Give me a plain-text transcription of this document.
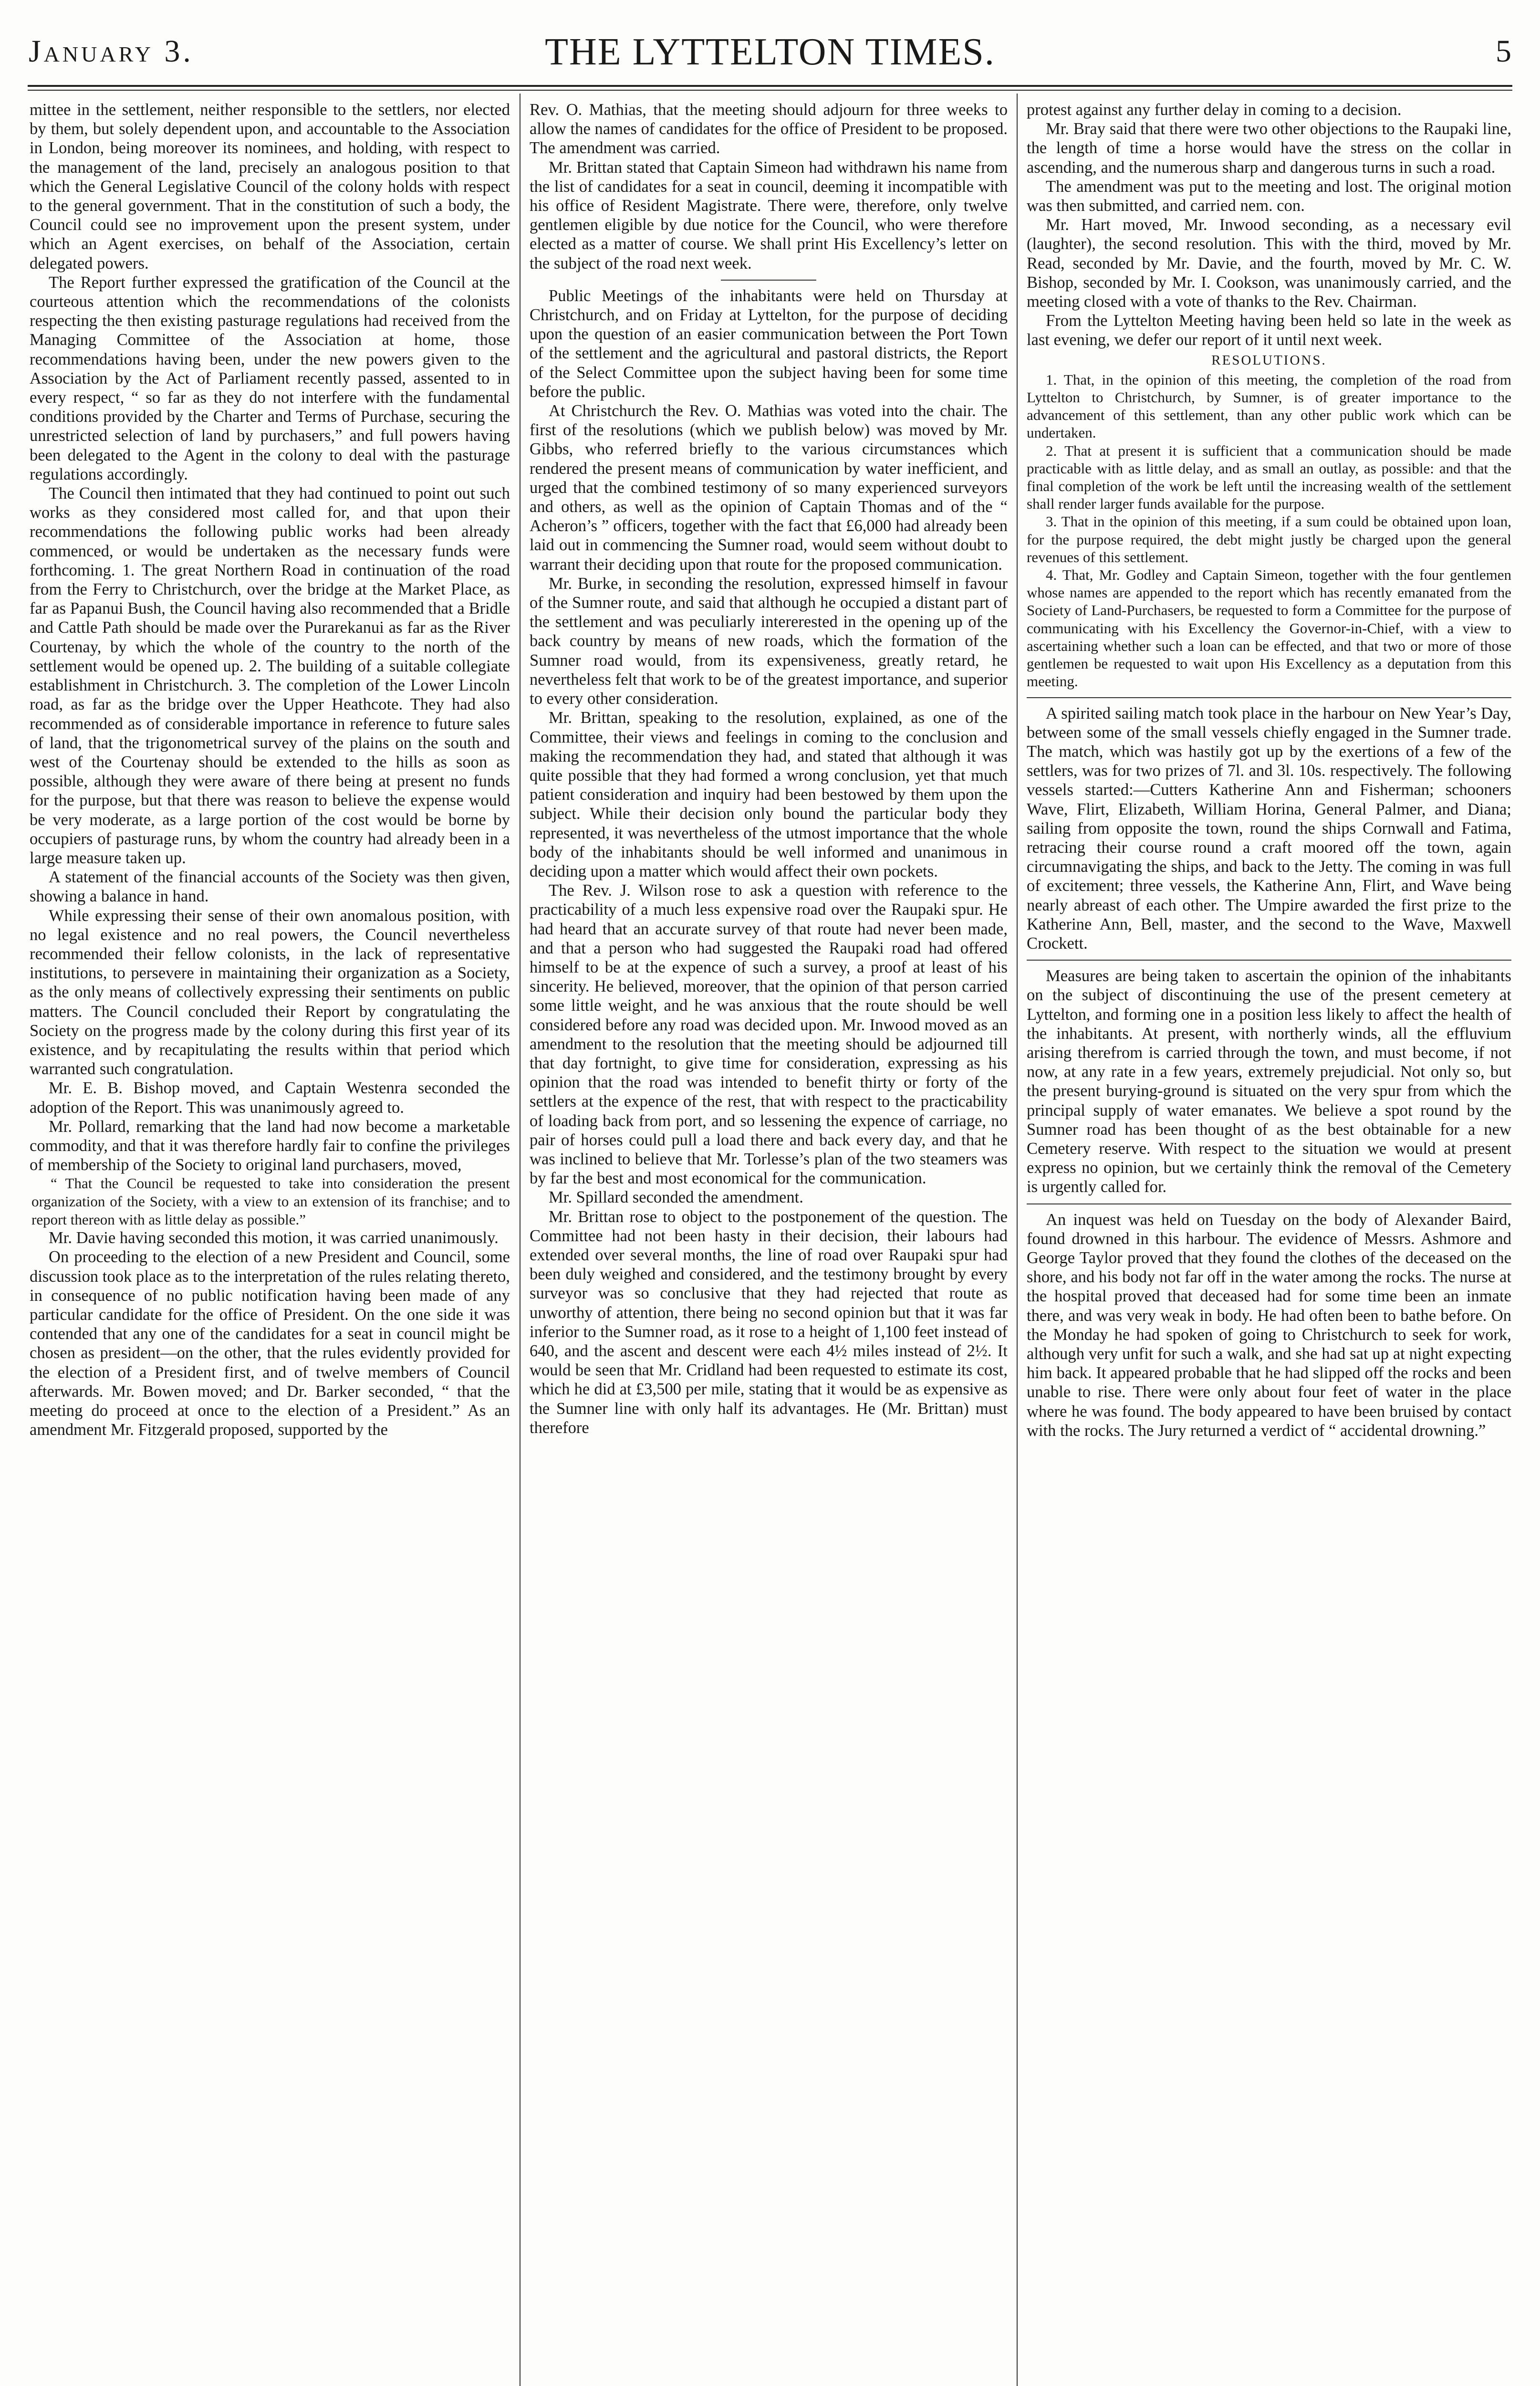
January 3.	THE LYTTELTON TIMES.	5

mittee in the settlement, neither responsible to the settlers, nor elected by them, but solely dependent upon, and accountable to the Association in London, being moreover its nominees, and holding, with respect to the management of the land, precisely an analogous position to that which the General Legislative Council of the colony holds with respect to the general government. That in the constitution of such a body, the Council could see no improvement upon the present system, under which an Agent exercises, on behalf of the Association, certain delegated powers.

The Report further expressed the gratification of the Council at the courteous attention which the recommendations of the colonists respecting the then existing pasturage regulations had received from the Managing Committee of the Association at home, those recommendations having been, under the new powers given to the Association by the Act of Parliament recently passed, assented to in every respect, “ so far as they do not interfere with the fundamental conditions provided by the Charter and Terms of Purchase, securing the unrestricted selection of land by purchasers,” and full powers having been delegated to the Agent in the colony to deal with the pasturage regulations accordingly.

The Council then intimated that they had continued to point out such works as they considered most called for, and that upon their recommendations the following public works had been already commenced, or would be undertaken as the necessary funds were forthcoming. 1. The great Northern Road in continuation of the road from the Ferry to Christchurch, over the bridge at the Market Place, as far as Papanui Bush, the Council having also recommended that a Bridle and Cattle Path should be made over the Purarekanui as far as the River Courtenay, by which the whole of the country to the north of the settlement would be opened up. 2. The building of a suitable collegiate establishment in Christchurch. 3. The completion of the Lower Lincoln road, as far as the bridge over the Upper Heathcote. They had also recommended as of considerable importance in reference to future sales of land, that the trigonometrical survey of the plains on the south and west of the Courtenay should be extended to the hills as soon as possible, although they were aware of there being at present no funds for the purpose, but that there was reason to believe the expense would be very moderate, as a large portion of the cost would be borne by occupiers of pasturage runs, by whom the country had already been in a large measure taken up.

A statement of the financial accounts of the Society was then given, showing a balance in hand.

While expressing their sense of their own anomalous position, with no legal existence and no real powers, the Council nevertheless recommended their fellow colonists, in the lack of representative institutions, to persevere in maintaining their organization as a Society, as the only means of collectively expressing their sentiments on public matters. The Council concluded their Report by congratulating the Society on the progress made by the colony during this first year of its existence, and by recapitulating the results within that period which warranted such congratulation.

Mr. E. B. Bishop moved, and Captain Westenra seconded the adoption of the Report. This was unanimously agreed to.

Mr. Pollard, remarking that the land had now become a marketable commodity, and that it was therefore hardly fair to confine the privileges of membership of the Society to original land purchasers, moved,

“ That the Council be requested to take into consideration the present organization of the Society, with a view to an extension of its franchise; and to report thereon with as little delay as possible.”

Mr. Davie having seconded this motion, it was carried unanimously.

On proceeding to the election of a new President and Council, some discussion took place as to the interpretation of the rules relating thereto, in consequence of no public notification having been made of any particular candidate for the office of President. On the one side it was contended that any one of the candidates for a seat in council might be chosen as president—on the other, that the rules evidently provided for the election of a President first, and of twelve members of Council afterwards. Mr. Bowen moved; and Dr. Barker seconded, “ that the meeting do proceed at once to the election of a President.” As an amendment Mr. Fitzgerald proposed, supported by the

Rev. O. Mathias, that the meeting should adjourn for three weeks to allow the names of candidates for the office of President to be proposed. The amendment was carried.

Mr. Brittan stated that Captain Simeon had withdrawn his name from the list of candidates for a seat in council, deeming it incompatible with his office of Resident Magistrate. There were, therefore, only twelve gentlemen eligible by due notice for the Council, who were therefore elected as a matter of course. We shall print His Excellency’s letter on the subject of the road next week.

Public Meetings of the inhabitants were held on Thursday at Christchurch, and on Friday at Lyttelton, for the purpose of deciding upon the question of an easier communication between the Port Town of the settlement and the agricultural and pastoral districts, the Report of the Select Committee upon the subject having been for some time before the public.

At Christchurch the Rev. O. Mathias was voted into the chair. The first of the resolutions (which we publish below) was moved by Mr. Gibbs, who referred briefly to the various circumstances which rendered the present means of communication by water inefficient, and urged that the combined testimony of so many experienced surveyors and others, as well as the opinion of Captain Thomas and of the “ Acheron’s ” officers, together with the fact that £6,000 had already been laid out in commencing the Sumner road, would seem without doubt to warrant their deciding upon that route for the proposed communication.

Mr. Burke, in seconding the resolution, expressed himself in favour of the Sumner route, and said that although he occupied a distant part of the settlement and was peculiarly intererested in the opening up of the back country by means of new roads, which the formation of the Sumner road would, from its expensiveness, greatly retard, he nevertheless felt that work to be of the greatest importance, and superior to every other consideration.

Mr. Brittan, speaking to the resolution, explained, as one of the Committee, their views and feelings in coming to the conclusion and making the recommendation they had, and stated that although it was quite possible that they had formed a wrong conclusion, yet that much patient consideration and inquiry had been bestowed by them upon the subject. While their decision only bound the particular body they represented, it was nevertheless of the utmost importance that the whole body of the inhabitants should be well informed and unanimous in deciding upon a matter which would affect their own pockets.

The Rev. J. Wilson rose to ask a question with reference to the practicability of a much less expensive road over the Raupaki spur. He had heard that an accurate survey of that route had never been made, and that a person who had suggested the Raupaki road had offered himself to be at the expence of such a survey, a proof at least of his sincerity. He believed, moreover, that the opinion of that person carried some little weight, and he was anxious that the route should be well considered before any road was decided upon. Mr. Inwood moved as an amendment to the resolution that the meeting should be adjourned till that day fortnight, to give time for consideration, expressing as his opinion that the road was intended to benefit thirty or forty of the settlers at the expence of the rest, that with respect to the practicability of loading back from port, and so lessening the expence of carriage, no pair of horses could pull a load there and back every day, and that he was inclined to believe that Mr. Torlesse’s plan of the two steamers was by far the best and most economical for the communication.

Mr. Spillard seconded the amendment.

Mr. Brittan rose to object to the postponement of the question. The Committee had not been hasty in their decision, their labours had extended over several months, the line of road over Raupaki spur had been duly weighed and considered, and the testimony brought by every surveyor was so conclusive that they had rejected that route as unworthy of attention, there being no second opinion but that it was far inferior to the Sumner road, as it rose to a height of 1,100 feet instead of 640, and the ascent and descent were each 4½ miles instead of 2½. It would be seen that Mr. Cridland had been requested to estimate its cost, which he did at £3,500 per mile, stating that it would be as expensive as the Sumner line with only half its advantages. He (Mr. Brittan) must therefore

protest against any further delay in coming to a decision.

Mr. Bray said that there were two other objections to the Raupaki line, the length of time a horse would have the stress on the collar in ascending, and the numerous sharp and dangerous turns in such a road.

The amendment was put to the meeting and lost. The original motion was then submitted, and carried nem. con.

Mr. Hart moved, Mr. Inwood seconding, as a necessary evil (laughter), the second resolution. This with the third, moved by Mr. Read, seconded by Mr. Davie, and the fourth, moved by Mr. C. W. Bishop, seconded by Mr. I. Cookson, was unanimously carried, and the meeting closed with a vote of thanks to the Rev. Chairman.

From the Lyttelton Meeting having been held so late in the week as last evening, we defer our report of it until next week.

RESOLUTIONS.

1. That, in the opinion of this meeting, the completion of the road from Lyttelton to Christchurch, by Sumner, is of greater importance to the advancement of this settlement, than any other public work which can be undertaken.

2. That at present it is sufficient that a communication should be made practicable with as little delay, and as small an outlay, as possible: and that the final completion of the work be left until the increasing wealth of the settlement shall render larger funds available for the purpose.

3. That in the opinion of this meeting, if a sum could be obtained upon loan, for the purpose required, the debt might justly be charged upon the general revenues of this settlement.

4. That, Mr. Godley and Captain Simeon, together with the four gentlemen whose names are appended to the report which has recently emanated from the Society of Land-Purchasers, be requested to form a Committee for the purpose of communicating with his Excellency the Governor-in-Chief, with a view to ascertaining whether such a loan can be effected, and that two or more of those gentlemen be requested to wait upon His Excellency as a deputation from this meeting.

A spirited sailing match took place in the harbour on New Year’s Day, between some of the small vessels chiefly engaged in the Sumner trade. The match, which was hastily got up by the exertions of a few of the settlers, was for two prizes of 7l. and 3l. 10s. respectively. The following vessels started:—Cutters Katherine Ann and Fisherman; schooners Wave, Flirt, Elizabeth, William Horina, General Palmer, and Diana; sailing from opposite the town, round the ships Cornwall and Fatima, retracing their course round a craft moored off the town, again circumnavigating the ships, and back to the Jetty. The coming in was full of excitement; three vessels, the Katherine Ann, Flirt, and Wave being nearly abreast of each other. The Umpire awarded the first prize to the Katherine Ann, Bell, master, and the second to the Wave, Maxwell Crockett.

Measures are being taken to ascertain the opinion of the inhabitants on the subject of discontinuing the use of the present cemetery at Lyttelton, and forming one in a position less likely to affect the health of the inhabitants. At present, with northerly winds, all the effluvium arising therefrom is carried through the town, and must become, if not now, at any rate in a few years, extremely prejudicial. Not only so, but the present burying-ground is situated on the very spur from which the principal supply of water emanates. We believe a spot round by the Sumner road has been thought of as the best obtainable for a new Cemetery reserve. With respect to the situation we would at present express no opinion, but we certainly think the removal of the Cemetery is urgently called for.

An inquest was held on Tuesday on the body of Alexander Baird, found drowned in this harbour. The evidence of Messrs. Ashmore and George Taylor proved that they found the clothes of the deceased on the shore, and his body not far off in the water among the rocks. The nurse at the hospital proved that deceased had for some time been an inmate there, and was very weak in body. He had often been to bathe before. On the Monday he had spoken of going to Christchurch to seek for work, although very unfit for such a walk, and she had sat up at night expecting him back. It appeared probable that he had slipped off the rocks and been unable to rise. There were only about four feet of water in the place where he was found. The body appeared to have been bruised by contact with the rocks. The Jury returned a verdict of “ accidental drowning.”
